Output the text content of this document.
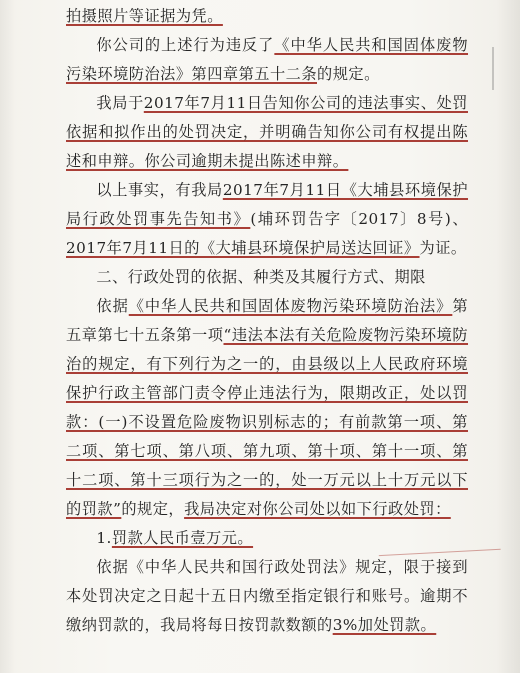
拍摄照片等证据为凭。

你公司的上述行为违反了《中华人民共和国固体废物污染环境防治法》第四章第五十二条的规定。

我局于2017年7月11日告知你公司的违法事实、处罚依据和拟作出的处罚决定，并明确告知你公司有权提出陈述和申辩。你公司逾期未提出陈述申辩。

以上事实，有我局2017年7月11日《大埔县环境保护局行政处罚事先告知书》(埔环罚告字〔2017〕8号)、2017年7月11日的《大埔县环境保护局送达回证》为证。

二、行政处罚的依据、种类及其履行方式、期限

依据《中华人民共和国固体废物污染环境防治法》第五章第七十五条第一项“违法本法有关危险废物污染环境防治的规定，有下列行为之一的，由县级以上人民政府环境保护行政主管部门责令停止违法行为，限期改正，处以罚款：(一)不设置危险废物识别标志的；有前款第一项、第二项、第七项、第八项、第九项、第十项、第十一项、第十二项、第十三项行为之一的，处一万元以上十万元以下的罚款”的规定，我局决定对你公司处以如下行政处罚：

1.罚款人民币壹万元。

依据《中华人民共和国行政处罚法》规定，限于接到本处罚决定之日起十五日内缴至指定银行和账号。逾期不缴纳罚款的，我局将每日按罚款数额的3%加处罚款。
